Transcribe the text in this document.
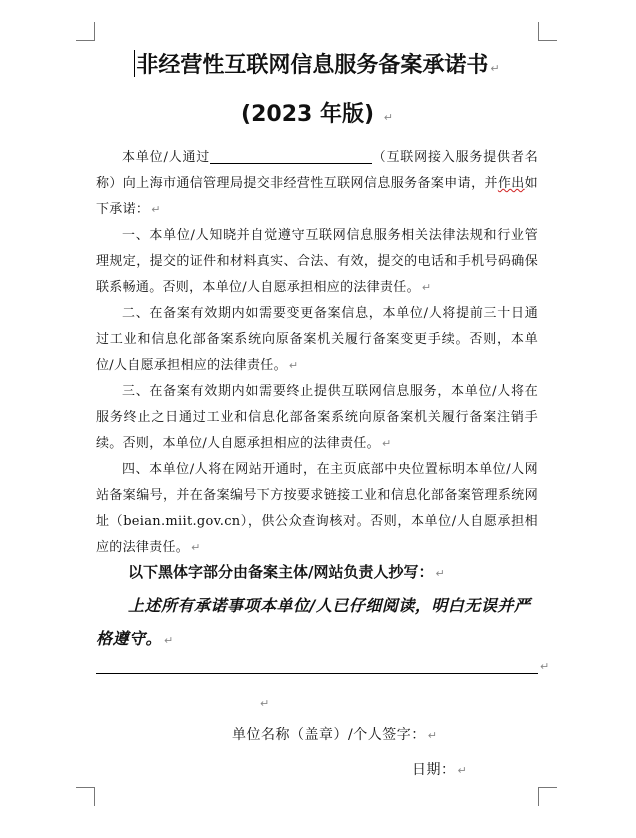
非经营性互联网信息服务备案承诺书 ↵
(2023 年版) ↵

本单位/人通过	（互联网接入服务提供者名称）向上海市通信管理局提交非经营性互联网信息服务备案申请，并作出如下承诺： ↵

一、本单位/人知晓并自觉遵守互联网信息服务相关法律法规和行业管理规定，提交的证件和材料真实、合法、有效，提交的电话和手机号码确保联系畅通。否则，本单位/人自愿承担相应的法律责任。 ↵

二、在备案有效期内如需要变更备案信息，本单位/人将提前三十日通过工业和信息化部备案系统向原备案机关履行备案变更手续。否则，本单位/人自愿承担相应的法律责任。 ↵

三、在备案有效期内如需要终止提供互联网信息服务，本单位/人将在服务终止之日通过工业和信息化部备案系统向原备案机关履行备案注销手续。否则，本单位/人自愿承担相应的法律责任。 ↵

四、本单位/人将在网站开通时，在主页底部中央位置标明本单位/人网站备案编号，并在备案编号下方按要求链接工业和信息化部备案管理系统网址（beian.miit.gov.cn），供公众查询核对。否则，本单位/人自愿承担相应的法律责任。 ↵

以下黑体字部分由备案主体/网站负责人抄写： ↵
上述所有承诺事项本单位/人已仔细阅读，明白无误并严格遵守。 ↵
↵
↵
单位名称（盖章）/个人签字： ↵
日期： ↵
